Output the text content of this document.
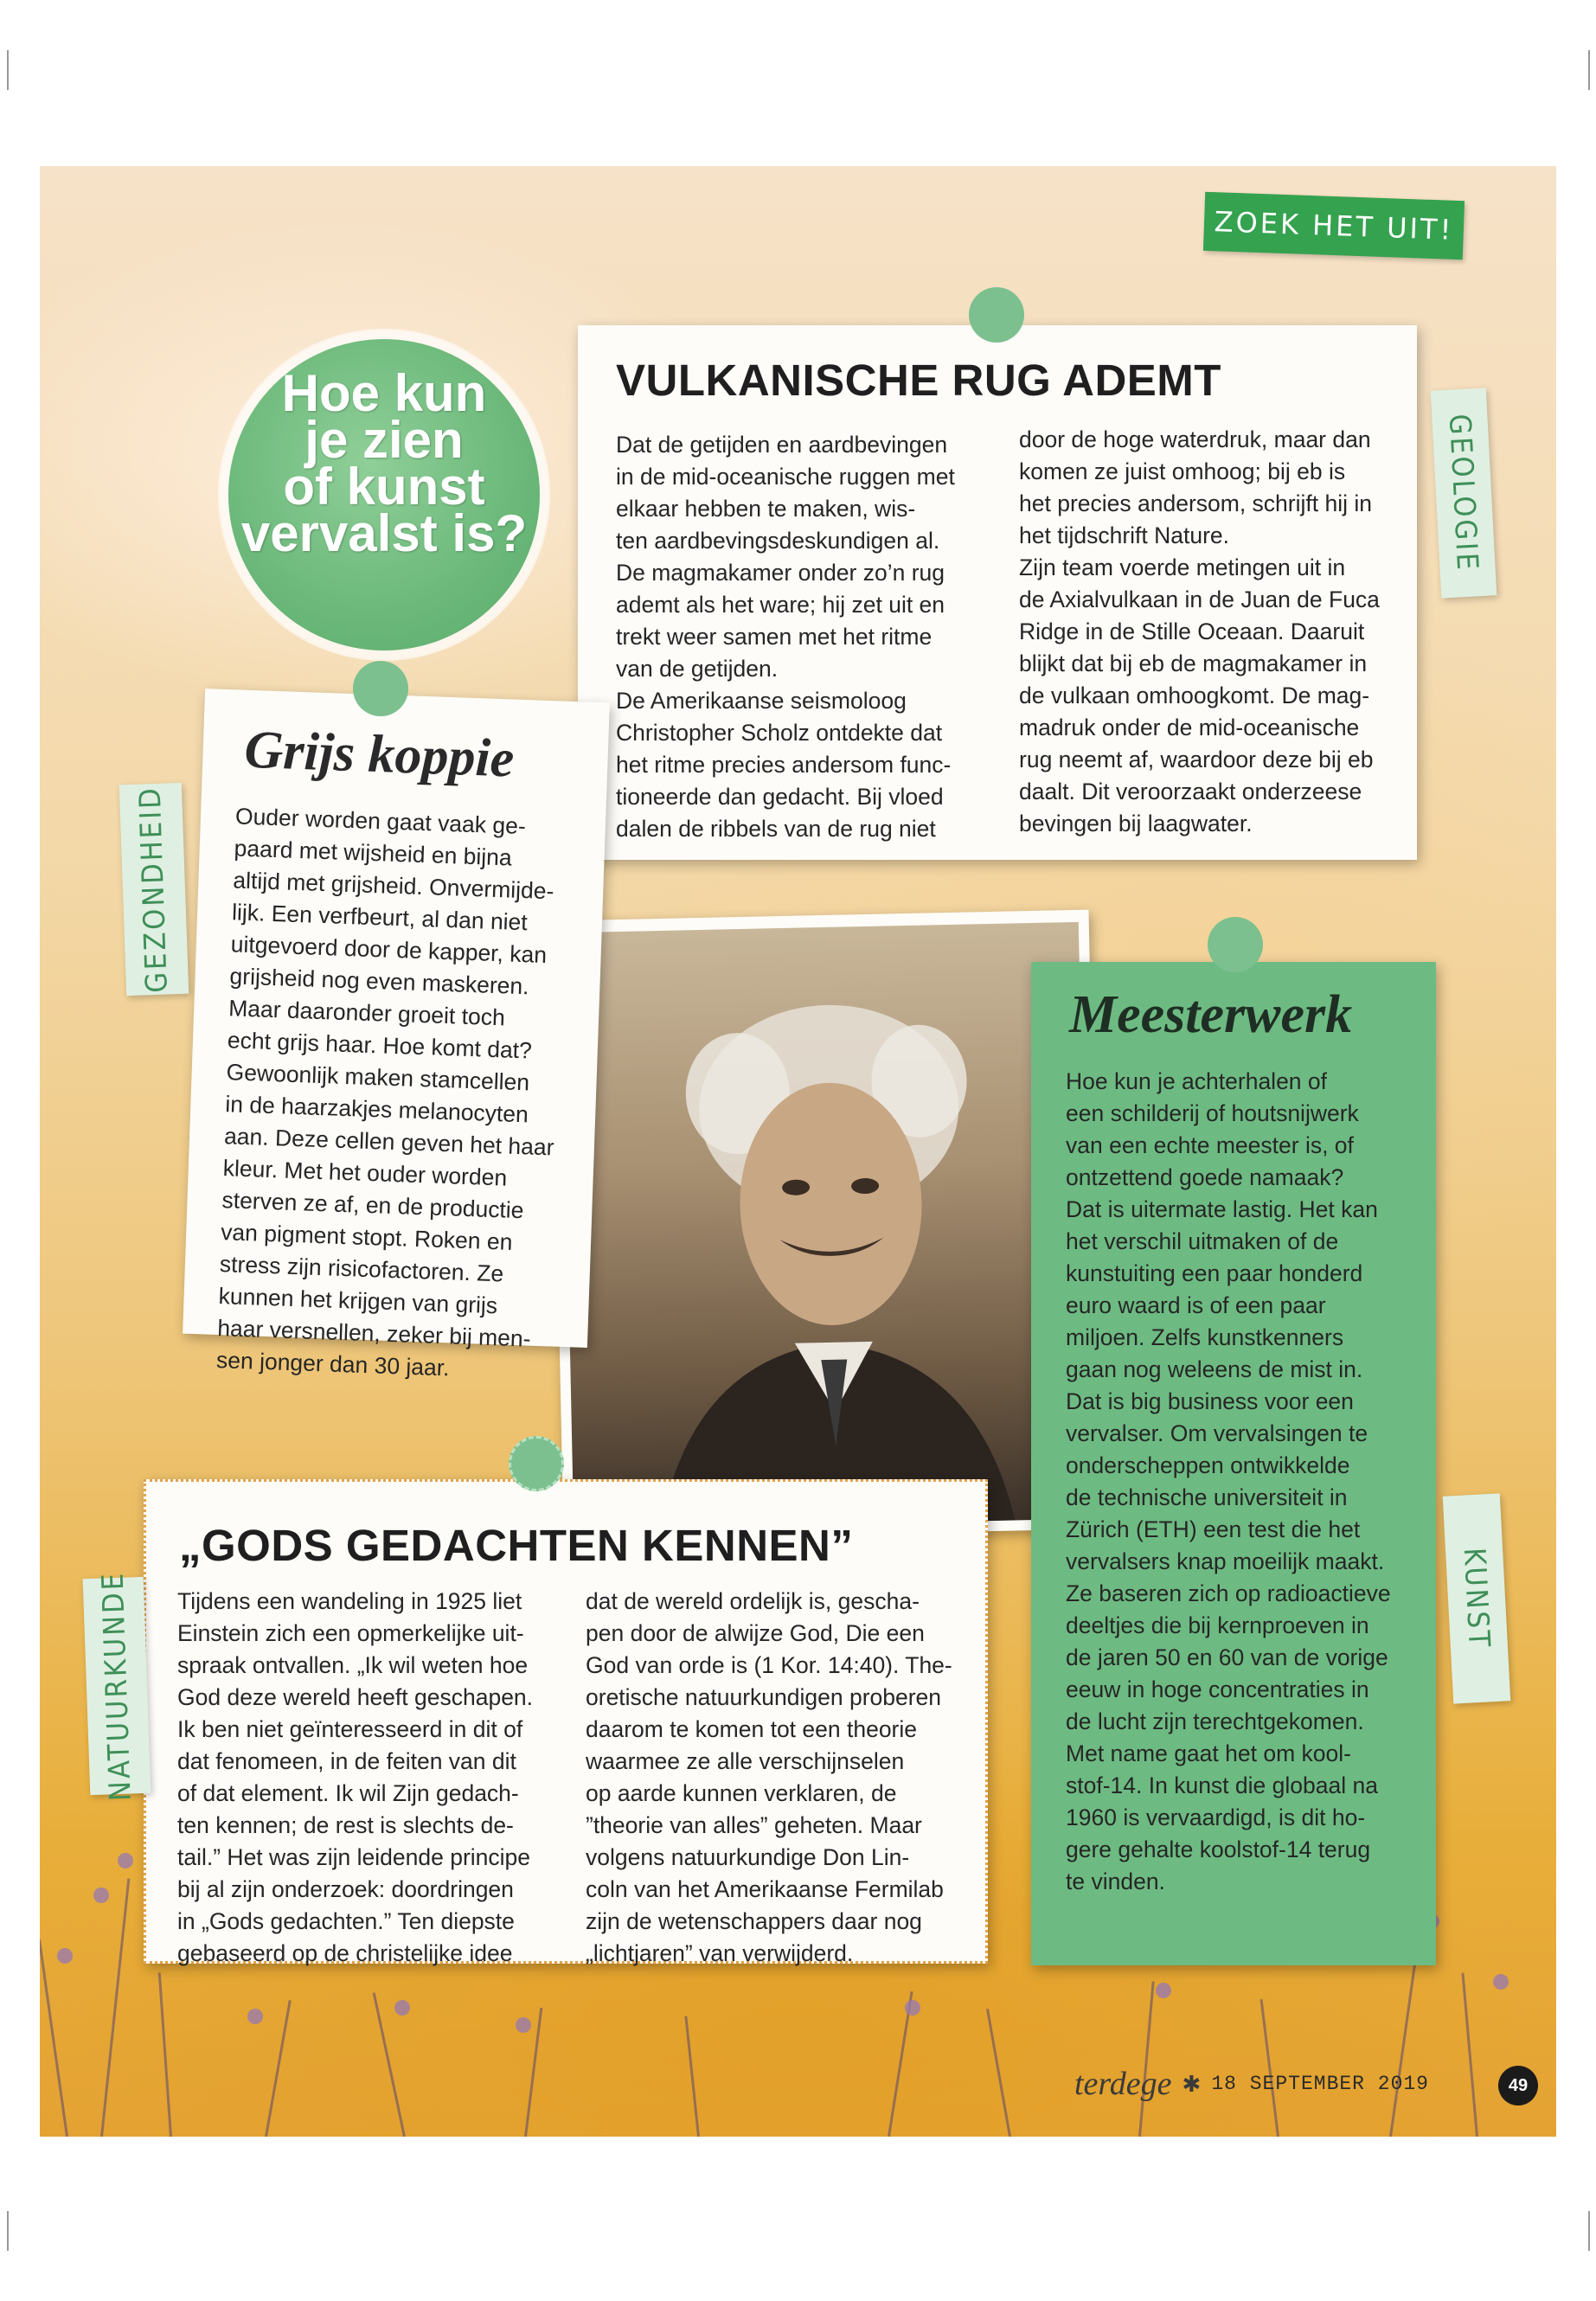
ZOEK HET UIT!
Hoe kun
je zien
of kunst
vervalst is?
VULKANISCHE RUG ADEMT
Dat de getijden en aardbevingen
in de mid-oceanische ruggen met
elkaar hebben te maken, wis-
ten aardbevingsdeskundigen al.
De magmakamer onder zo’n rug
ademt als het ware; hij zet uit en
trekt weer samen met het ritme
van de getijden.
De Amerikaanse seismoloog
Christopher Scholz ontdekte dat
het ritme precies andersom func-
tioneerde dan gedacht. Bij vloed
dalen de ribbels van de rug niet
door de hoge waterdruk, maar dan
komen ze juist omhoog; bij eb is
het precies andersom, schrijft hij in
het tijdschrift Nature.
Zijn team voerde metingen uit in
de Axialvulkaan in de Juan de Fuca
Ridge in de Stille Oceaan. Daaruit
blijkt dat bij eb de magmakamer in
de vulkaan omhoogkomt. De mag-
madruk onder de mid-oceanische
rug neemt af, waardoor deze bij eb
daalt. Dit veroorzaakt onderzeese
bevingen bij laagwater.
GEOLOGIE
Grijs koppie
Ouder worden gaat vaak ge-
paard met wijsheid en bijna
altijd met grijsheid. Onvermijde-
lijk. Een verfbeurt, al dan niet
uitgevoerd door de kapper, kan
grijsheid nog even maskeren.
Maar daaronder groeit toch
echt grijs haar. Hoe komt dat?
Gewoonlijk maken stamcellen
in de haarzakjes melanocyten
aan. Deze cellen geven het haar
kleur. Met het ouder worden
sterven ze af, en de productie
van pigment stopt. Roken en
stress zijn risicofactoren. Ze
kunnen het krijgen van grijs
haar versnellen, zeker bij men-
sen jonger dan 30 jaar.
GEZONDHEID
Meesterwerk
Hoe kun je achterhalen of
een schilderij of houtsnijwerk
van een echte meester is, of
ontzettend goede namaak?
Dat is uitermate lastig. Het kan
het verschil uitmaken of de
kunstuiting een paar honderd
euro waard is of een paar
miljoen. Zelfs kunstkenners
gaan nog weleens de mist in.
Dat is big business voor een
vervalser. Om vervalsingen te
onderscheppen ontwikkelde
de technische universiteit in
Zürich (ETH) een test die het
vervalsers knap moeilijk maakt.
Ze baseren zich op radioactieve
deeltjes die bij kernproeven in
de jaren 50 en 60 van de vorige
eeuw in hoge concentraties in
de lucht zijn terechtgekomen.
Met name gaat het om kool-
stof-14. In kunst die globaal na
1960 is vervaardigd, is dit ho-
gere gehalte koolstof-14 terug
te vinden.
KUNST
„GODS GEDACHTEN KENNEN”
Tijdens een wandeling in 1925 liet
Einstein zich een opmerkelijke uit-
spraak ontvallen. „Ik wil weten hoe
God deze wereld heeft geschapen.
Ik ben niet geïnteresseerd in dit of
dat fenomeen, in de feiten van dit
of dat element. Ik wil Zijn gedach-
ten kennen; de rest is slechts de-
tail.” Het was zijn leidende principe
bij al zijn onderzoek: doordringen
in „Gods gedachten.” Ten diepste
gebaseerd op de christelijke idee
dat de wereld ordelijk is, gescha-
pen door de alwijze God, Die een
God van orde is (1 Kor. 14:40). The-
oretische natuurkundigen proberen
daarom te komen tot een theorie
waarmee ze alle verschijnselen
op aarde kunnen verklaren, de
”theorie van alles” geheten. Maar
volgens natuurkundige Don Lin-
coln van het Amerikaanse Fermilab
zijn de wetenschappers daar nog
„lichtjaren” van verwijderd.
NATUURKUNDE
terdege ✱ 18 SEPTEMBER 2019	49
